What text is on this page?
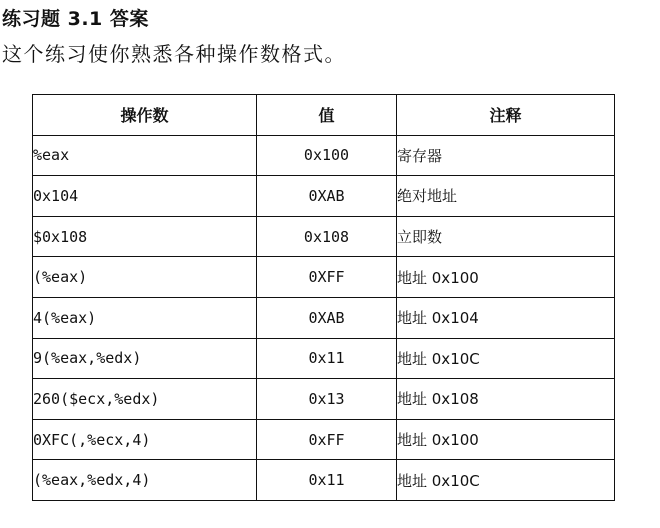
练习题 3.1 答案
这个练习使你熟悉各种操作数格式。
操作数	值	注释
%eax	0x100	寄存器
0x104	0XAB	绝对地址
$0x108	0x108	立即数
(%eax)	0XFF	地址 0x100
4(%eax)	0XAB	地址 0x104
9(%eax,%edx)	0x11	地址 0x10C
260($ecx,%edx)	0x13	地址 0x108
0XFC(,%ecx,4)	0xFF	地址 0x100
(%eax,%edx,4)	0x11	地址 0x10C
